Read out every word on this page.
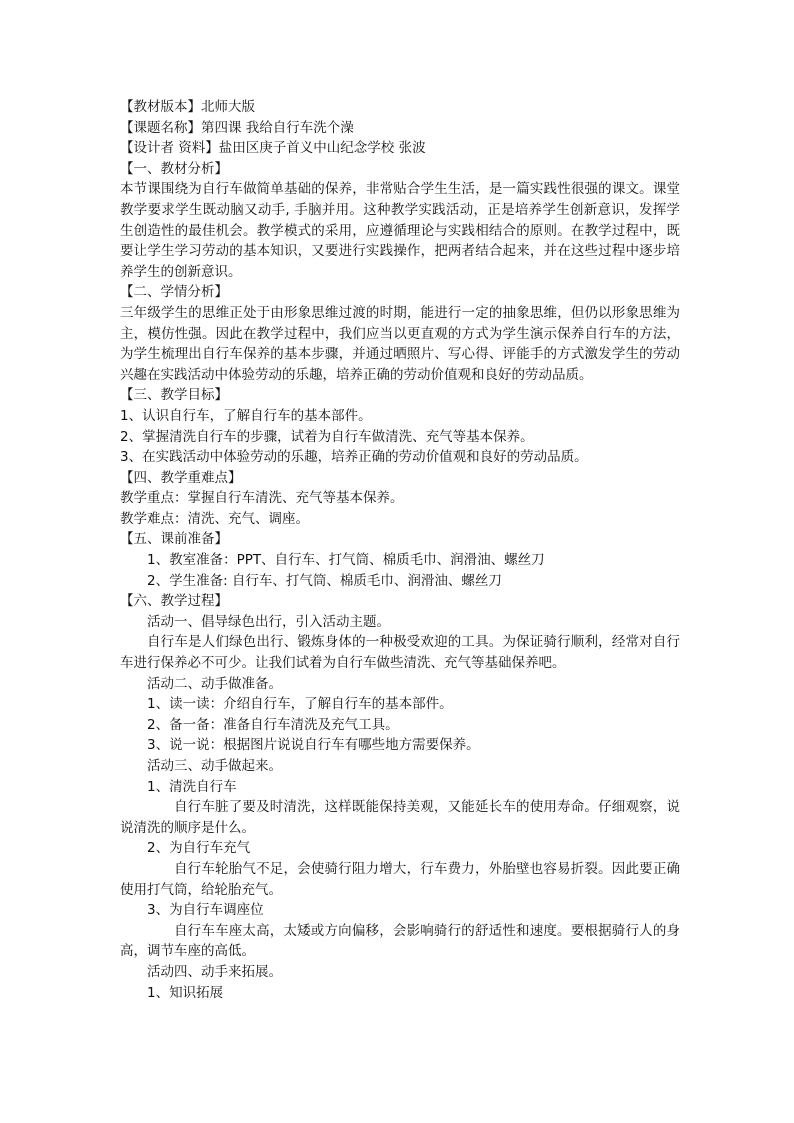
【教材版本】北师大版

【课题名称】第四课 我给自行车洗个澡

【设计者 资料】盐田区庚子首义中山纪念学校 张波

【一、教材分析】

本节课围绕为自行车做简单基础的保养，非常贴合学生生活，是一篇实践性很强的课文。课堂教学要求学生既动脑又动手, 手脑并用。这种教学实践活动，正是培养学生创新意识，发挥学生创造性的最佳机会。教学模式的采用，应遵循理论与实践相结合的原则。在教学过程中，既要让学生学习劳动的基本知识，又要进行实践操作，把两者结合起来，并在这些过程中逐步培养学生的创新意识。

【二、学情分析】

三年级学生的思维正处于由形象思维过渡的时期，能进行一定的抽象思维，但仍以形象思维为主，模仿性强。因此在教学过程中，我们应当以更直观的方式为学生演示保养自行车的方法，为学生梳理出自行车保养的基本步骤，并通过晒照片、写心得、评能手的方式激发学生的劳动兴趣在实践活动中体验劳动的乐趣，培养正确的劳动价值观和良好的劳动品质。

【三、教学目标】

1、认识自行车，了解自行车的基本部件。

2、掌握清洗自行车的步骤，试着为自行车做清洗、充气等基本保养。

3、在实践活动中体验劳动的乐趣，培养正确的劳动价值观和良好的劳动品质。

【四、教学重难点】

教学重点：掌握自行车清洗、充气等基本保养。

教学难点：清洗、充气、调座。

【五、课前准备】

1、教室准备：PPT、自行车、打气筒、棉质毛巾、润滑油、螺丝刀

2、学生准备: 自行车、打气筒、棉质毛巾、润滑油、螺丝刀

【六、教学过程】

活动一、倡导绿色出行，引入活动主题。

自行车是人们绿色出行、锻炼身体的一种极受欢迎的工具。为保证骑行顺利，经常对自行车进行保养必不可少。让我们试着为自行车做些清洗、充气等基础保养吧。

活动二、动手做准备。

1、读一读：介绍自行车，了解自行车的基本部件。

2、备一备：准备自行车清洗及充气工具。

3、说一说：根据图片说说自行车有哪些地方需要保养。

活动三、动手做起来。

1、清洗自行车

自行车脏了要及时清洗，这样既能保持美观，又能延长车的使用寿命。仔细观察，说说清洗的顺序是什么。

2、为自行车充气

自行车轮胎气不足，会使骑行阻力增大，行车费力，外胎壁也容易折裂。因此要正确使用打气筒，给轮胎充气。

3、为自行车调座位

自行车车座太高，太矮或方向偏移，会影响骑行的舒适性和速度。要根据骑行人的身高，调节车座的高低。

活动四、动手来拓展。

1、知识拓展
